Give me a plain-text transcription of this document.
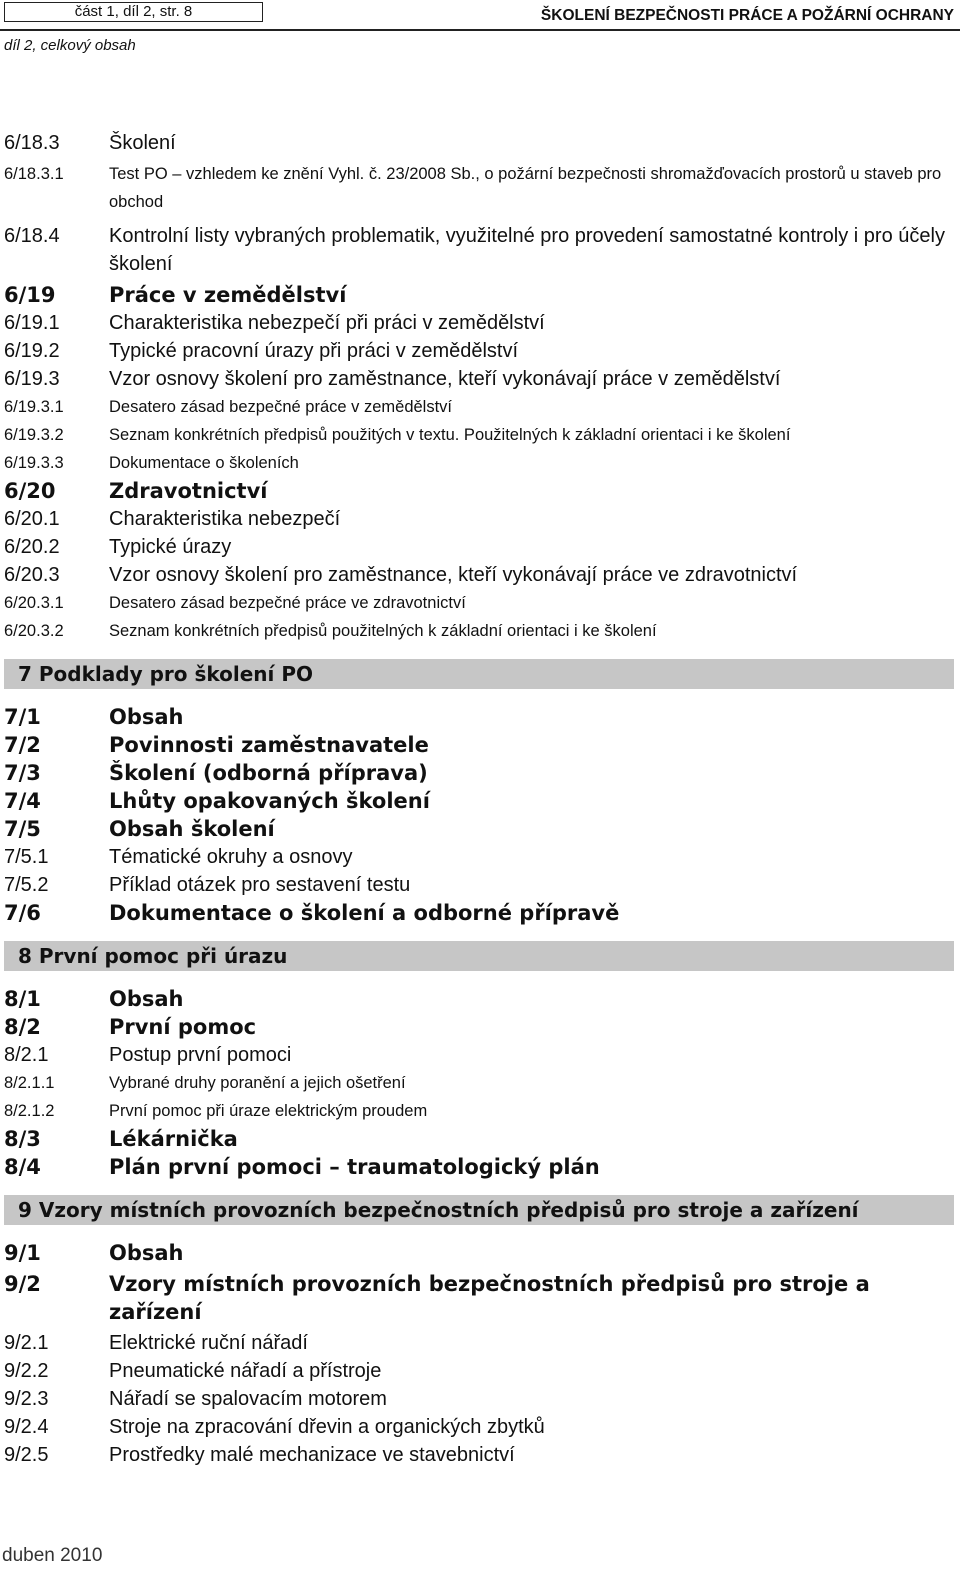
část 1, díl 2, str. 8	ŠKOLENÍ BEZPEČNOSTI PRÁCE A POŽÁRNÍ OCHRANY
díl 2, celkový obsah
6/18.3	Školení
6/18.3.1	Test PO – vzhledem ke znění Vyhl. č. 23/2008 Sb., o požární bezpečnosti shromažďovacích prostorů u staveb pro obchod
6/18.4	Kontrolní listy vybraných problematik, využitelné pro provedení samostatné kontroly i pro účely školení
6/19	Práce v zemědělství
6/19.1	Charakteristika nebezpečí při práci v zemědělství
6/19.2	Typické pracovní úrazy při práci v zemědělství
6/19.3	Vzor osnovy školení pro zaměstnance, kteří vykonávají práce v zemědělství
6/19.3.1	Desatero zásad bezpečné práce v zemědělství
6/19.3.2	Seznam konkrétních předpisů použitých v textu. Použitelných k základní orientaci i ke školení
6/19.3.3	Dokumentace o školeních
6/20	Zdravotnictví
6/20.1	Charakteristika nebezpečí
6/20.2	Typické úrazy
6/20.3	Vzor osnovy školení pro zaměstnance, kteří vykonávají práce ve zdravotnictví
6/20.3.1	Desatero zásad bezpečné práce ve zdravotnictví
6/20.3.2	Seznam konkrétních předpisů použitelných k základní orientaci i ke školení
7 Podklady pro školení PO
7/1	Obsah
7/2	Povinnosti zaměstnavatele
7/3	Školení (odborná příprava)
7/4	Lhůty opakovaných školení
7/5	Obsah školení
7/5.1	Tématické okruhy a osnovy
7/5.2	Příklad otázek pro sestavení testu
7/6	Dokumentace o školení a odborné přípravě
8 První pomoc při úrazu
8/1	Obsah
8/2	První pomoc
8/2.1	Postup první pomoci
8/2.1.1	Vybrané druhy poranění a jejich ošetření
8/2.1.2	První pomoc při úraze elektrickým proudem
8/3	Lékárnička
8/4	Plán první pomoci – traumatologický plán
9 Vzory místních provozních bezpečnostních předpisů pro stroje a zařízení
9/1	Obsah
9/2	Vzory místních provozních bezpečnostních předpisů pro stroje a zařízení
9/2.1	Elektrické ruční nářadí
9/2.2	Pneumatické nářadí a přístroje
9/2.3	Nářadí se spalovacím motorem
9/2.4	Stroje na zpracování dřevin a organických zbytků
9/2.5	Prostředky malé mechanizace ve stavebnictví
duben 2010
